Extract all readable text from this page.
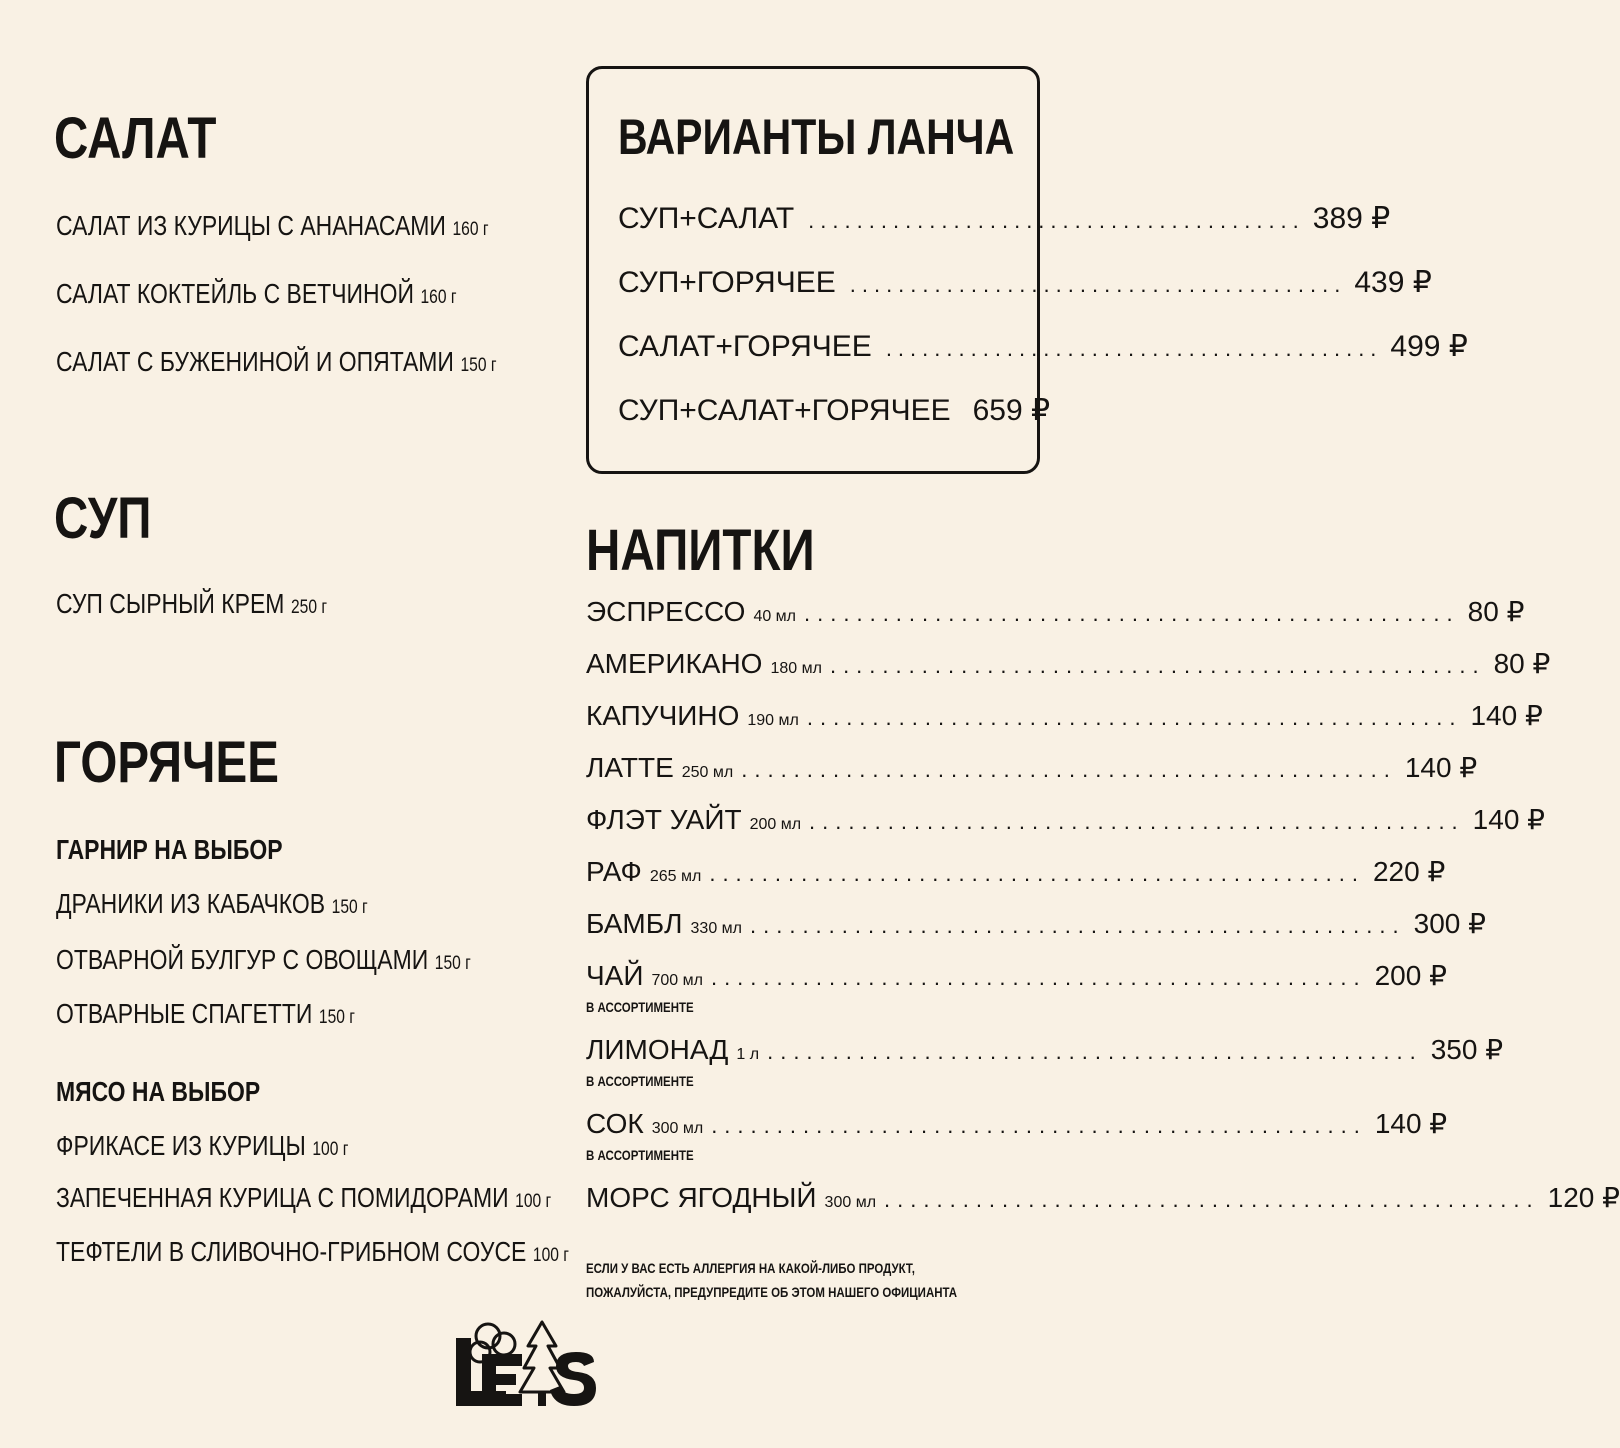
САЛАТ
САЛАТ ИЗ КУРИЦЫ С АНАНАСАМИ 160 г
САЛАТ КОКТЕЙЛЬ С ВЕТЧИНОЙ 160 г
САЛАТ С БУЖЕНИНОЙ И ОПЯТАМИ 150 г
СУП
СУП СЫРНЫЙ КРЕМ 250 г
ГОРЯЧЕЕ
ГАРНИР НА ВЫБОР
ДРАНИКИ ИЗ КАБАЧКОВ 150 г
ОТВАРНОЙ БУЛГУР С ОВОЩАМИ 150 г
ОТВАРНЫЕ СПАГЕТТИ 150 г
МЯСО НА ВЫБОР
ФРИКАСЕ ИЗ КУРИЦЫ 100 г
ЗАПЕЧЕННАЯ КУРИЦА С ПОМИДОРАМИ 100 г
ТЕФТЕЛИ В СЛИВОЧНО-ГРИБНОМ СОУСЕ 100 г
ВАРИАНТЫ ЛАНЧА
СУП+САЛАТ ......................................... 389 ₽
СУП+ГОРЯЧЕЕ ......................................... 439 ₽
САЛАТ+ГОРЯЧЕЕ ......................................... 499 ₽
СУП+САЛАТ+ГОРЯЧЕЕ 659 ₽
НАПИТКИ
ЭСПРЕССО 40 мл .................................................. 80 ₽
АМЕРИКАНО 180 мл .................................................. 80 ₽
КАПУЧИНО 190 мл .................................................. 140 ₽
ЛАТТЕ 250 мл .................................................. 140 ₽
ФЛЭТ УАЙТ 200 мл .................................................. 140 ₽
РАФ 265 мл .................................................. 220 ₽
БАМБЛ 330 мл .................................................. 300 ₽
ЧАЙ 700 мл .................................................. 200 ₽
В АССОРТИМЕНТЕ
ЛИМОНАД 1 л .................................................. 350 ₽
В АССОРТИМЕНТЕ
СОК 300 мл .................................................. 140 ₽
В АССОРТИМЕНТЕ
МОРС ЯГОДНЫЙ 300 мл .................................................. 120 ₽
ЕСЛИ У ВАС ЕСТЬ АЛЛЕРГИЯ НА КАКОЙ-ЛИБО ПРОДУКТ,
ПОЖАЛУЙСТА, ПРЕДУПРЕДИТЕ ОБ ЭТОМ НАШЕГО ОФИЦИАНТА
